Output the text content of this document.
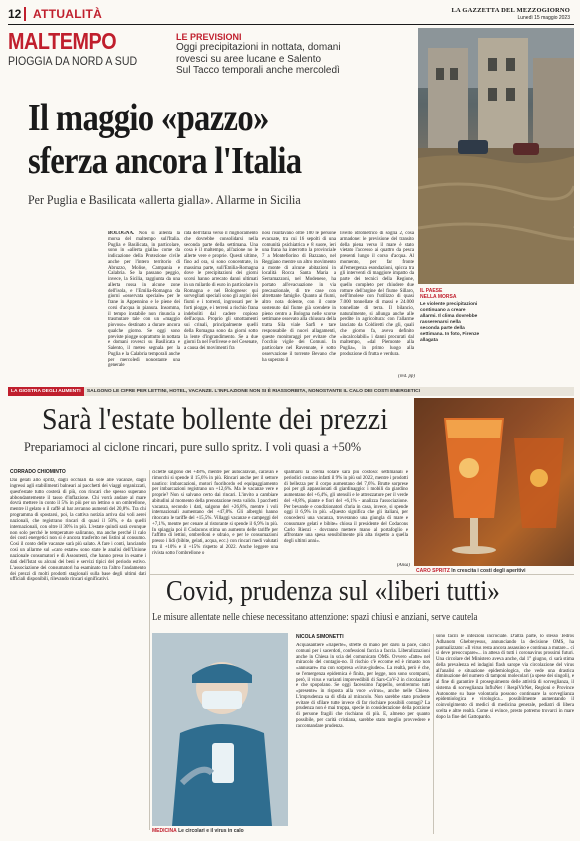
12 ATTUALITÀ	LA GAZZETTA DEL MEZZOGIORNO
Lunedì 15 maggio 2023
MALTEMPO
PIOGGIA DA NORD A SUD
LE PREVISIONI
Oggi precipitazioni in nottata, domani
rovesci su aree lucane e Salento
Sul Tacco temporali anche mercoledì
Il maggio «pazzo»
sferza ancora l'Italia
Per Puglia e Basilicata «allerta gialla». Allarme in Sicilia

BOLOGNA. Non si allenta la morsa del maltempo sull'Italia. Puglia e Basilicata, in particolare, sono in «allerta gialla» come da indicazione della Protezione civile anche per l'intero territorio di Abruzzo, Molise, Campania e Calabria. Se la passano peggio, invece, la Sicilia, raggiunta da una allerta rossa in alcune zone dell'isola, e l'Emilia-Romagna da giorni «osservata speciale» per le frane in Appennino e le piene dei corsi d'acqua in pianura. Insomma, il tempo instabile non rinuncia a trasmutare tale con un «maggio piovoso» destinato a durare ancora qualche giorno. Se oggi sono previste piogge soprattutto in nottata e domani rovesci su Basilicata e Salento, il meteo segnala per la Puglia e la Calabria temporali anche per mercoledì nonostante una generale

rata dell'Italia verso il miglioramento che dovrebbe consolidarsi nella seconda parte della settimana. Una cosa è il maltempo, all'azione no le allerte vere e proprie. Questi ultime, fino ad ora, si sono concentrate, in massima parte, sull'Emilia-Romagna dove le precipitazioni dei giorni scorsi hanno arrecato danni ultimati in un milardo di euro in particolare in Romagna e nel Bolognese: qui sorvegliati speciali sono gli argini dei fiumi e i torrenti, ingrossati per le forti piogge, e i terreni a rischio frana indeboliti dal cadere copioso dell'acqua. Proprio gli smottamenti sui crinali, principalmente quelli della Romagna sono da giorni sotto la lente d'ingrandimento. Se a due giorni fa nel Forlivese e nel Cesenate, a causa dei movimenti fra

nosi risultavano oltre 100 le persone evacuate, tra cui 16 sepolti di una comunità psichiatrica e 8 suore, ieri una frana ha interrotto la provinciale 7 a Montefiorino di Bazzano, nel Reggiano mentre un altro movimento a monte di alcune abitazioni in località Rocca Santa Maria a Serramazzoni, nel Modenese, ha portato all'evacuazione in via precauzionale, di tre case con altrettante famiglie. Quanto ai fiumi, altro nota dolente, con il conte sostenuto dal fiume già scendete in pieno centro a Bologna nelle scorse settimane ossevato alla chiusura della tratta Sila viale Sarfi e tare responsabile di nuovi allagamenti, queste monitoraggi per evitare che l'occhio vigile dei Comuni. In particolare nel Ravennate, è sotto osservazione il torrente Bevano che ha superato il

livello idrometrico di soglia 2, cosa armadone: le previsione del transito della piena verso il mare è stato vietato l'accesso ai quattro da pesca presenti lungo il corso d'acqua. Al momento, per far fronte all'emergenza esondazioni, spicca tra gli interventi di maggiore impatto da parte dei tecnici della Regione, quello completo per chiudere due rotture dell'argine del fiume Sillaro, nell'Imolese con l'utilizzo di quasi 7.000 tonnellate di massi e 24.000 tonnellate di terra. Il bilancio, naturalmente, si allunga anche alle perdite in agricoltura: con l'allarme lanciato da Coldiretti che gli, quali che giorno fa, aveva definito «incalcolabili» i danni procurati dal maltempo, «dal Piemonte alla Puglia», in primo luogo alla produzione di frutta e verdura.

(red. pp)
IL PAESE
NELLA MORSA
Le violente precipitazioni continuano a creare allarmi. Il clima dovrebbe rasserenarsi nella seconda parte della settimana. In foto, Firenze allagata
LA GIOSTRA DEGLI AUMENTI SALGONO LE CIFRE PER LETTINI, HOTEL, VACANZE. L'INFLAZIONE NON SI È RIASSORBITA, NONOSTANTE IL CALO DEI COSTI ENERGETICI
Sarà l'estate bollente dei prezzi
Prepariamoci al ciclone rincari, pure sullo spritz. I voli quasi a +50%
CORRADO CHIOMINTO

Dai gelati allo spritz, dagli occhiali da sole alle vacanze, dagli ingressi agli stabilimenti balneari ai pacchetti dei viaggi organizzati, quest'estate tutto costerà di più, con rincari che spesso superano abbondantemente il tasso d'inflazione. Chi vorrà andare al mare dovrà mettere in conto il 5% in più per un lettino o un ombrellone, mentre il gelato o il caffè al bar avranno aumenti del 20,8%. Tra chi programma di spostarsi, poi, la cattiva notizia arriva dai voli aerei nazionali, che registrano rincari di quasi il 50%, e da quelli internazionali, con oltre il 30% in più. L'estate quindi sarà ovunque non solo perché le temperature saliranno, ma anche perché il calo dei costi energetici non si è ancora trasferito nei listini al consumo. Così il conto delle vacanze sarà più salato. A fare i conti, lanciando così un allarme sul «caro estate» sono state le analisi dell'Unione nazionale consumatori e di Assoutenti, che hanno preso in esame i dati dell'Istat su alcuni dei beni e servizi tipici del periodo estivo. L'associazione dei consumatori ha esaminato tra l'altro l'andamento dei prezzi di molti prodotti stagionali sulla base degli ultimi dati ufficiali disponibili, rilevando rincari significativi.

ciclette salgono del +48%, mentre per autocaravan, caravan e rimorchi si spende il 15,6% in più. Rincari anche per il settore nautico: imbarcazioni, motori fuoribordo ed equipaggiamento per imbarcazioni registrano un +12,6%. Ma le vacanze vere e proprie? Non si salvano certo dai rincari. L'invito a cambiare abitudini al momento della prenotazione resta valido. I pacchetti vacanza, secondo i dati, salgono del +26,8%, mentre i voli internazionali aumentano del +47,8%. Gli alberghi hanno ritoccato le tariffe del +15,5%. Villaggi vacanze e campeggi del +7,1%, mentre per cenare al ristorante si spende il 6,9% in più. In spiaggia poi il Codacons stima un aumento delle tariffe per l'affitto di lettini, ombrelloni e sdraio, e per le consumazioni presso i lidi (bibite, gelati, acqua, ecc.) con rincari medi valutati tra il +10% e il +15% rispetto al 2022. Anche leggere una rivista sotto l'ombrellone o

spalmarsi la crema solare sarà più costoso: settimanali e periodici costano infatti il 9% in più sul 2022, mentre i prodotti di bellezza per il corpo aumentano del 7,6%. Brutte sorprese poi per gli appassionati di giardinaggio: i mobili da giardino aumentano del +6,4%, gli utensili e le attrezzature per il verde del +8,8%, piante e fiori del +6,1% - analizza l'associazione. Per bevande e condizionatori d'aria in casa, invece, si spende oggi il 6,9% in più. «Questo significa che gli italiani, per concedersi una vacanza, troveranno una giungla di mare e consumare gelati e bibite» chiosa il presidente del Codacons Carlo Rienzi - dovranno mettere mano al portafoglio e affrontare una spesa sensibilmente più alta rispetto a quella degli ultimi anni».

(Ansa)
CARO SPRITZ In crescita i costi degli aperitivi
Covid, prudenza sul «liberi tutti»
Le misure allentate nelle chiese necessitano attenzione: spazi chiusi e anziani, serve cautela
MEDICINA Le circolari e il virus in calo
NICOLA SIMONETTI

Acquasantiere «riaperte», strette di mano per darsi la pace, calici comuni per i sacerdoti, confessioni faccia a faccia. Liberalizzazioni anche in Chiesa in scia del comunicato OMS. Ovvero «fatte» nel miracolo del contagio-no. Il rischio c'è eccome ed è rimasto non «annusare» ma con sorpresa «virus-giudeo». La realtà, però è che, se l'emergenza epidemica è finita, per legge, non sono scomparsi, però, il virus e varianti imprevedibili di Sars-CoV-2 in circolazione e che spopolano. Se oggi facessimo l'appello, sentiremmo tutti «presente» in risposta alla voce «virus», anche nelle Chiese. L'imprudenza sa di sfida al miracolo. Non sarebbe stato prudente evitare di sfilare tutte invece di far rischiare possibili contagi? La prudenza non è mai troppa, specie in considerazione della porzione di persone fragili che rischiano di più. E, almeno per quanto possibile, per carità cristiana, sarebbe stato meglio provvedere e raccomandare prudenza.

sono facili le infezioni incrociate. D'altra parte, lo stesso Tedros Adhanom Ghebreyesus, annunciando la decisione OMS, ha puntualizzato: «Il virus resta ancora assassino e continua a mutare... ci si deve preoccupare»... in attesa di tutti i coronavirus prossimi futuri. Una circolare del Ministero aveva anche, dal 1° giugno, ci sarà stima della prevalenza ed indagini flash sarope via circolazione del virus all'analisi e situazione epidemiologica, che vede una drastica diminuzione del numero di tamponi molecolari (a spese dei singoli), e al fine di garantire il proseguimento delle attività di sorveglianza, il sistema di sorveglianza InfluNet / RespiVirNet, Regioni e Province Autonome su base volontaria possono continuare la sorveglianza epidemiologica e virologica... possibilmente aumentando il coinvolgimento di medici di medicina generale, pediatri di libera scelta e altre realtà. Come si evince, presto potremo trovarci in mare dopo la fine del Gattopardo.
